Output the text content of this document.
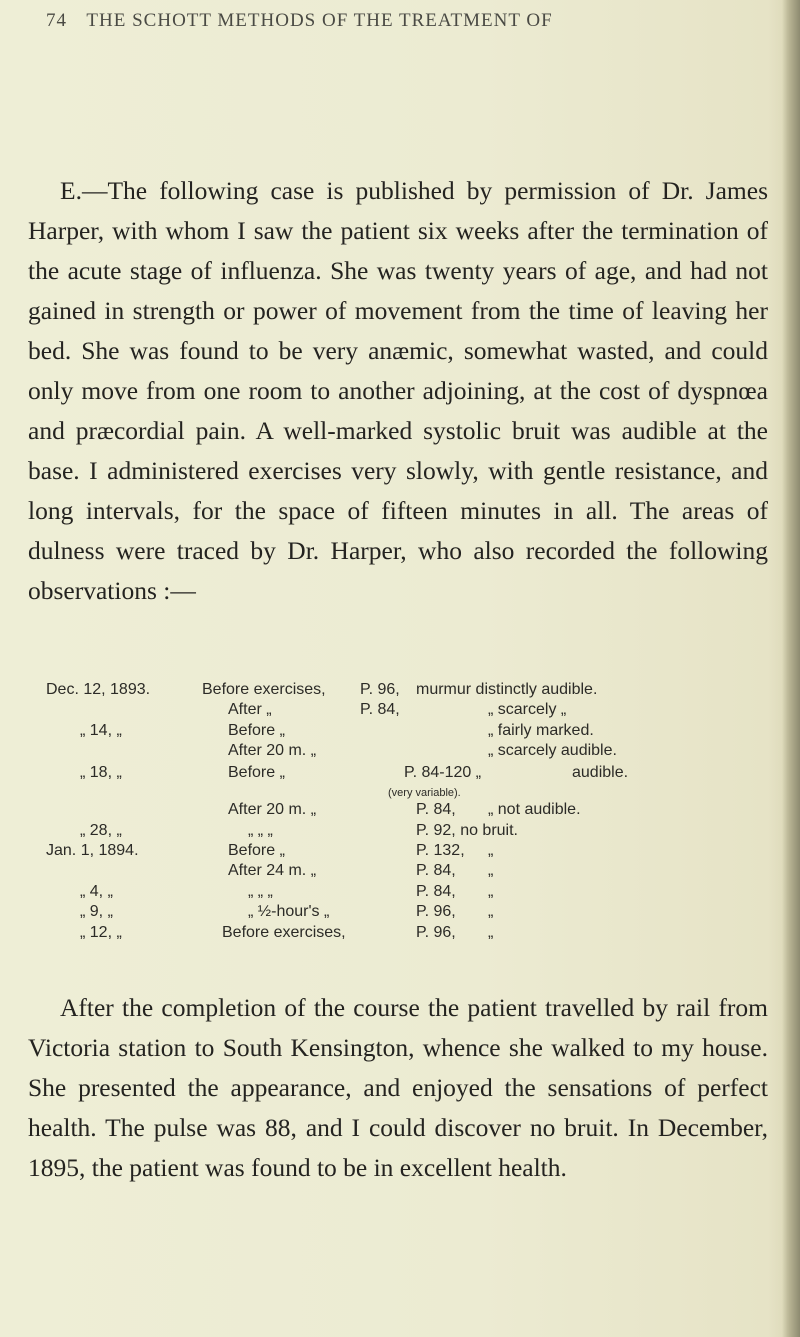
74 THE SCHOTT METHODS OF THE TREATMENT OF
E.—The following case is published by permission of Dr. James Harper, with whom I saw the patient six weeks after the termination of the acute stage of influenza. She was twenty years of age, and had not gained in strength or power of movement from the time of leaving her bed. She was found to be very anæmic, somewhat wasted, and could only move from one room to another adjoining, at the cost of dyspnœa and præcordial pain. A well-marked systolic bruit was audible at the base. I administered exercises very slowly, with gentle resistance, and long intervals, for the space of fifteen minutes in all. The areas of dulness were traced by Dr. Harper, who also recorded the following observations :—
Dec. 12, 1893.	Before exercises, P. 96, murmur distinctly audible.
After „	P. 84,	„ scarcely „
„ 14, „	Before „	„ fairly marked.
After 20 m. „	„ scarcely audible.
„ 18, „	Before „	P. 84-120 „	audible.
(very variable).
After 20 m. „	P. 84, „ not audible.
„ 28, „	„ „ „	P. 92, no bruit.
Jan. 1, 1894.	Before „	P. 132, „
After 24 m. „	P. 84, „
„ 4, „	„ „ „	P. 84, „
„ 9, „	„ ½-hour's „	P. 96, „
„ 12, „	Before exercises,	P. 96, „
After the completion of the course the patient travelled by rail from Victoria station to South Kensington, whence she walked to my house. She presented the appearance, and enjoyed the sensations of perfect health. The pulse was 88, and I could discover no bruit. In December, 1895, the patient was found to be in excellent health.
